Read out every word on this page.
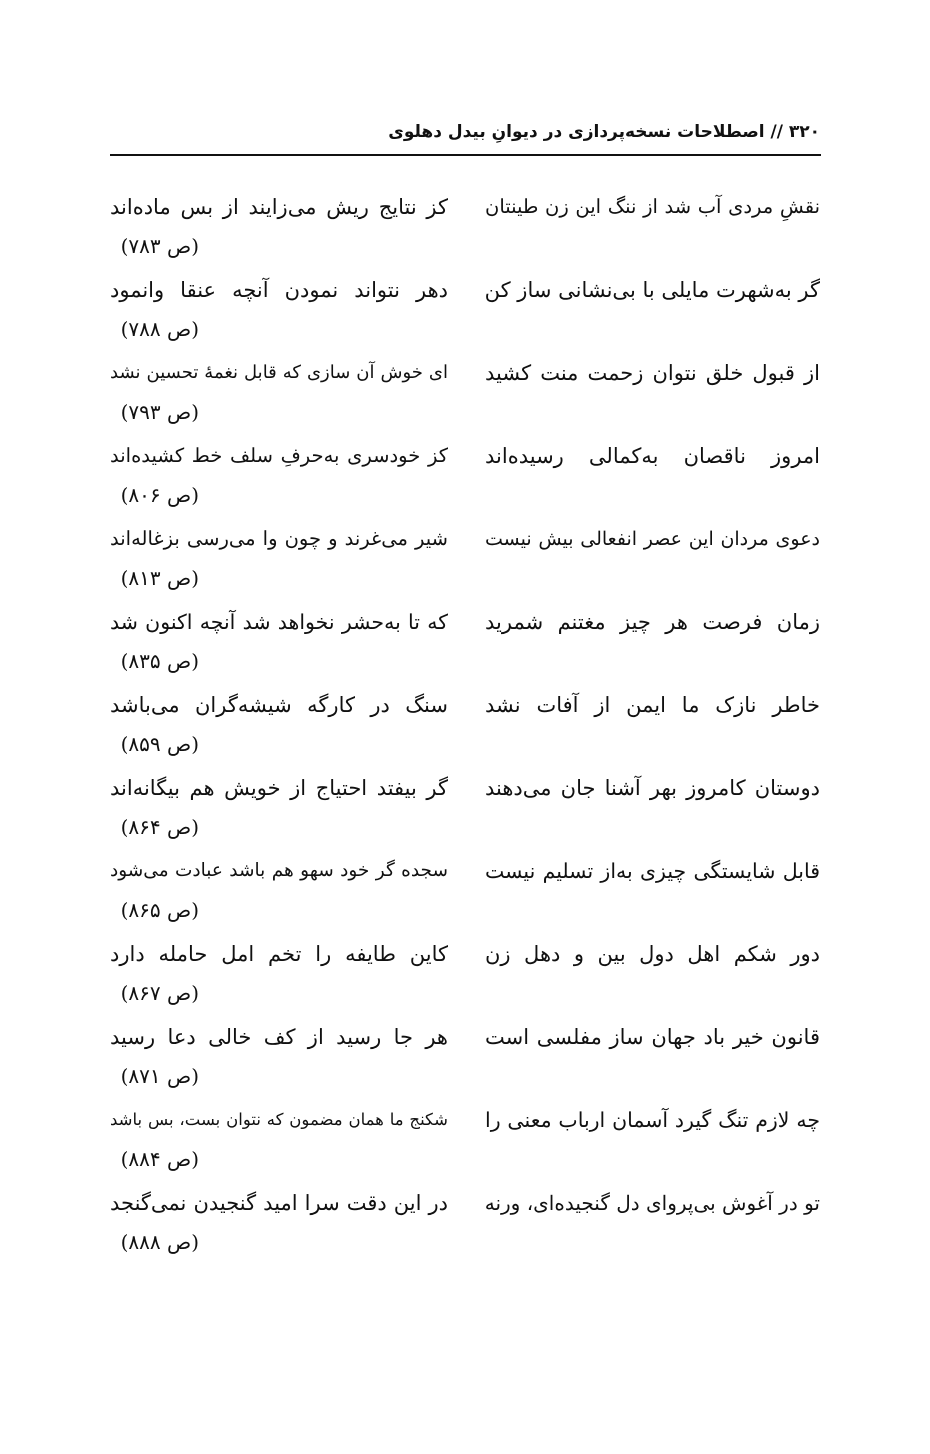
۳۲۰ // اصطلاحات نسخه‌پردازی در دیوانِ بیدل دهلوی
نقشِ مردی آب شد از ننگ این زن طینتان
کز نتایج ریش می‌زایند از بس ماده‌اند
(ص ۷۸۳)
گر به‌شهرت مایلی با بی‌نشانی ساز کن
دهر نتواند نمودن آنچه عنقا وانمود
(ص ۷۸۸)
از قبول خلق نتوان زحمت منت کشید
ای خوش آن سازی که قابل نغمهٔ تحسین نشد
(ص ۷۹۳)
امروز ناقصان به‌کمالی رسیده‌اند
کز خودسری به‌حرفِ سلف خط کشیده‌اند
(ص ۸۰۶)
دعوی مردان این عصر انفعالی بیش نیست
شیر می‌غرند و چون وا می‌رسی بزغاله‌اند
(ص ۸۱۳)
زمان فرصت هر چیز مغتنم شمرید
که تا به‌حشر نخواهد شد آنچه اکنون شد
(ص ۸۳۵)
خاطر نازک ما ایمن از آفات نشد
سنگ در کارگه شیشه‌گران می‌باشد
(ص ۸۵۹)
دوستان کامروز بهر آشنا جان می‌دهند
گر بیفتد احتیاج از خویش هم بیگانه‌اند
(ص ۸۶۴)
قابل شایستگی چیزی به‌از تسلیم نیست
سجده گر خود سهو هم باشد عبادت می‌شود
(ص ۸۶۵)
دور شکم اهل دول بین و دهل زن
کاین طایفه را تخم امل حامله دارد
(ص ۸۶۷)
قانون خیر باد جهان ساز مفلسی است
هر جا رسید از کف خالی دعا رسید
(ص ۸۷۱)
چه لازم تنگ گیرد آسمان ارباب معنی را
شکنج ما همان مضمون که نتوان بست، بس باشد
(ص ۸۸۴)
تو در آغوش بی‌پروای دل گنجیده‌ای، ورنه
در این دقت سرا امید گنجیدن نمی‌گنجد
(ص ۸۸۸)
